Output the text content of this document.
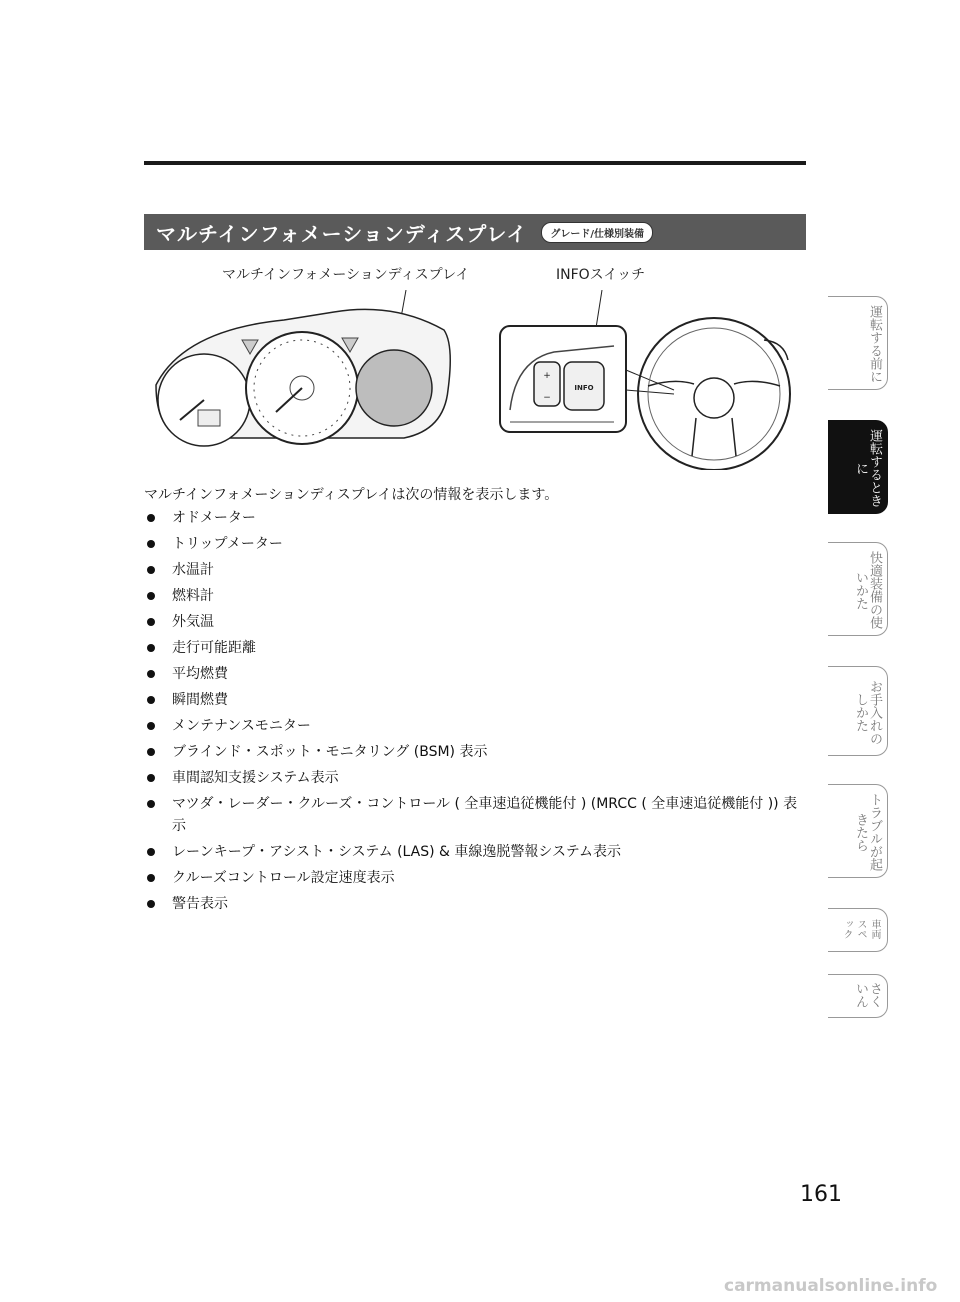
マルチインフォメーションディスプレイ	グレード/仕様別装備
マルチインフォメーションディスプレイ	INFOスイッチ
INFO
+
−
マルチインフォメーションディスプレイは次の情報を表示します。
オドメーター
トリップメーター
水温計
燃料計
外気温
走行可能距離
平均燃費
瞬間燃費
メンテナンスモニター
ブラインド・スポット・モニタリング (BSM) 表示
車間認知支援システム表示
マツダ・レーダー・クルーズ・コントロール ( 全車速追従機能付 ) (MRCC ( 全車速追従機能付 )) 表示
レーンキープ・アシスト・システム (LAS) & 車線逸脱警報システム表示
クルーズコントロール設定速度表示
警告表示
運転する前に
運転するときに
快適装備の使いかた
お手入れのしかた
トラブルが起きたら
車両スペック
さくいん
161
carmanualsonline.info
